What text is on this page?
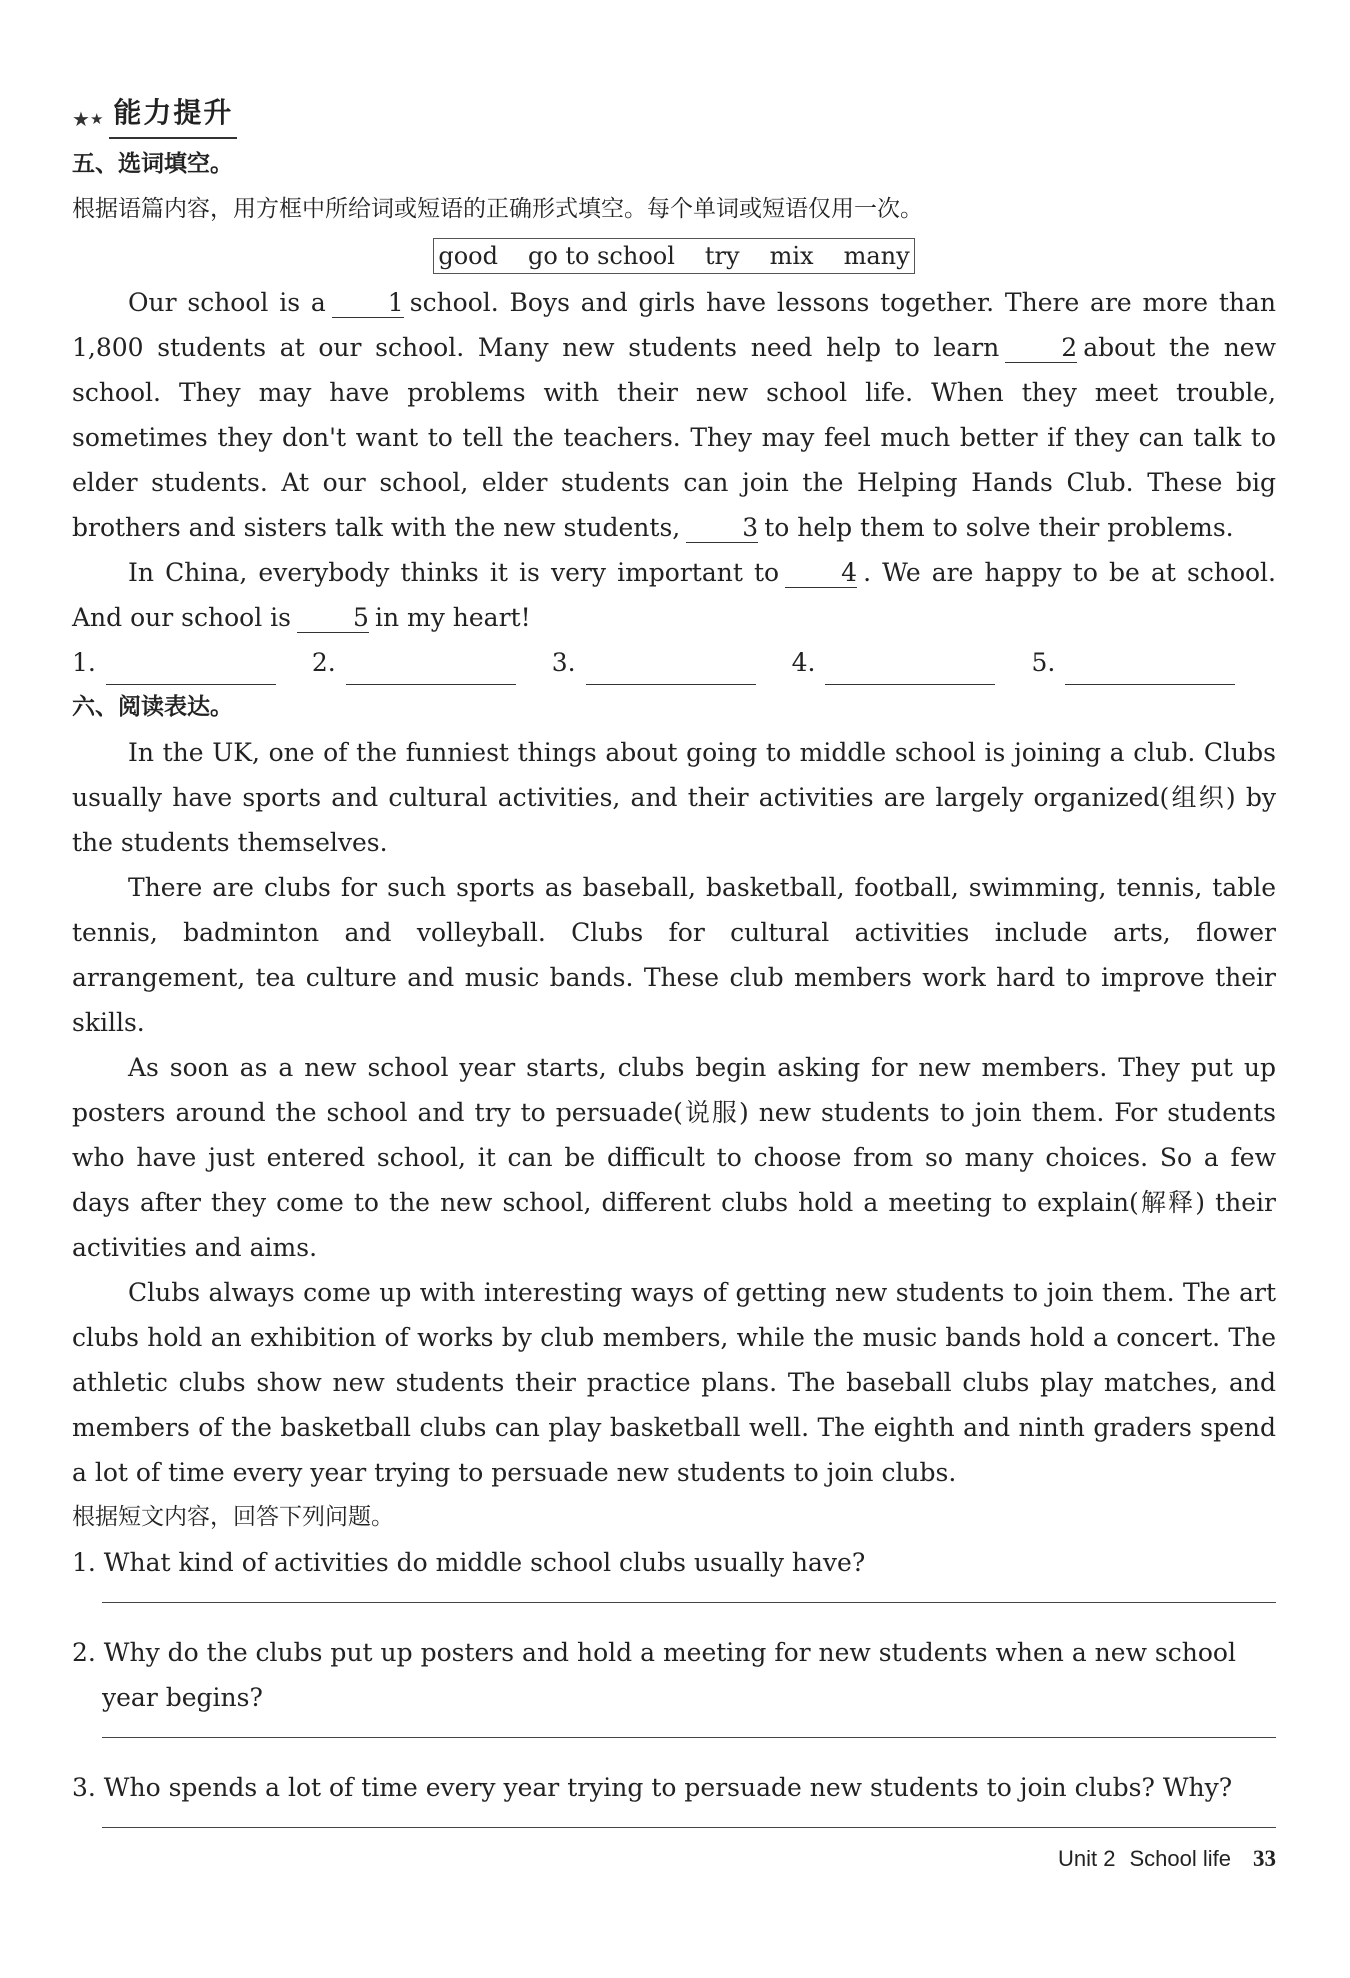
★ ★ 能力提升
五、选词填空。
根据语篇内容，用方框中所给词或短语的正确形式填空。每个单词或短语仅用一次。
good go to school try mix many

Our school is a 1 school. Boys and girls have lessons together. There are more than 1,800 students at our school. Many new students need help to learn 2 about the new school. They may have problems with their new school life. When they meet trouble, sometimes they don't want to tell the teachers. They may feel much better if they can talk to elder students. At our school, elder students can join the Helping Hands Club. These big brothers and sisters talk with the new students, 3 to help them to solve their problems.

In China, everybody thinks it is very important to 4 . We are happy to be at school. And our school is 5 in my heart!

1.	2.	3.	4.	5.
六、阅读表达。

In the UK, one of the funniest things about going to middle school is joining a club. Clubs usually have sports and cultural activities, and their activities are largely organized(组织) by the students themselves.

There are clubs for such sports as baseball, basketball, football, swimming, tennis, table tennis, badminton and volleyball. Clubs for cultural activities include arts, flower arrangement, tea culture and music bands. These club members work hard to improve their skills.

As soon as a new school year starts, clubs begin asking for new members. They put up posters around the school and try to persuade(说服) new students to join them. For students who have just entered school, it can be difficult to choose from so many choices. So a few days after they come to the new school, different clubs hold a meeting to explain(解释) their activities and aims.

Clubs always come up with interesting ways of getting new students to join them. The art clubs hold an exhibition of works by club members, while the music bands hold a concert. The athletic clubs show new students their practice plans. The baseball clubs play matches, and members of the basketball clubs can play basketball well. The eighth and ninth graders spend a lot of time every year trying to persuade new students to join clubs.

根据短文内容，回答下列问题。

1. What kind of activities do middle school clubs usually have?

2. Why do the clubs put up posters and hold a meeting for new students when a new school year begins?

3. Who spends a lot of time every year trying to persuade new students to join clubs? Why?

Unit 2 School life 33
